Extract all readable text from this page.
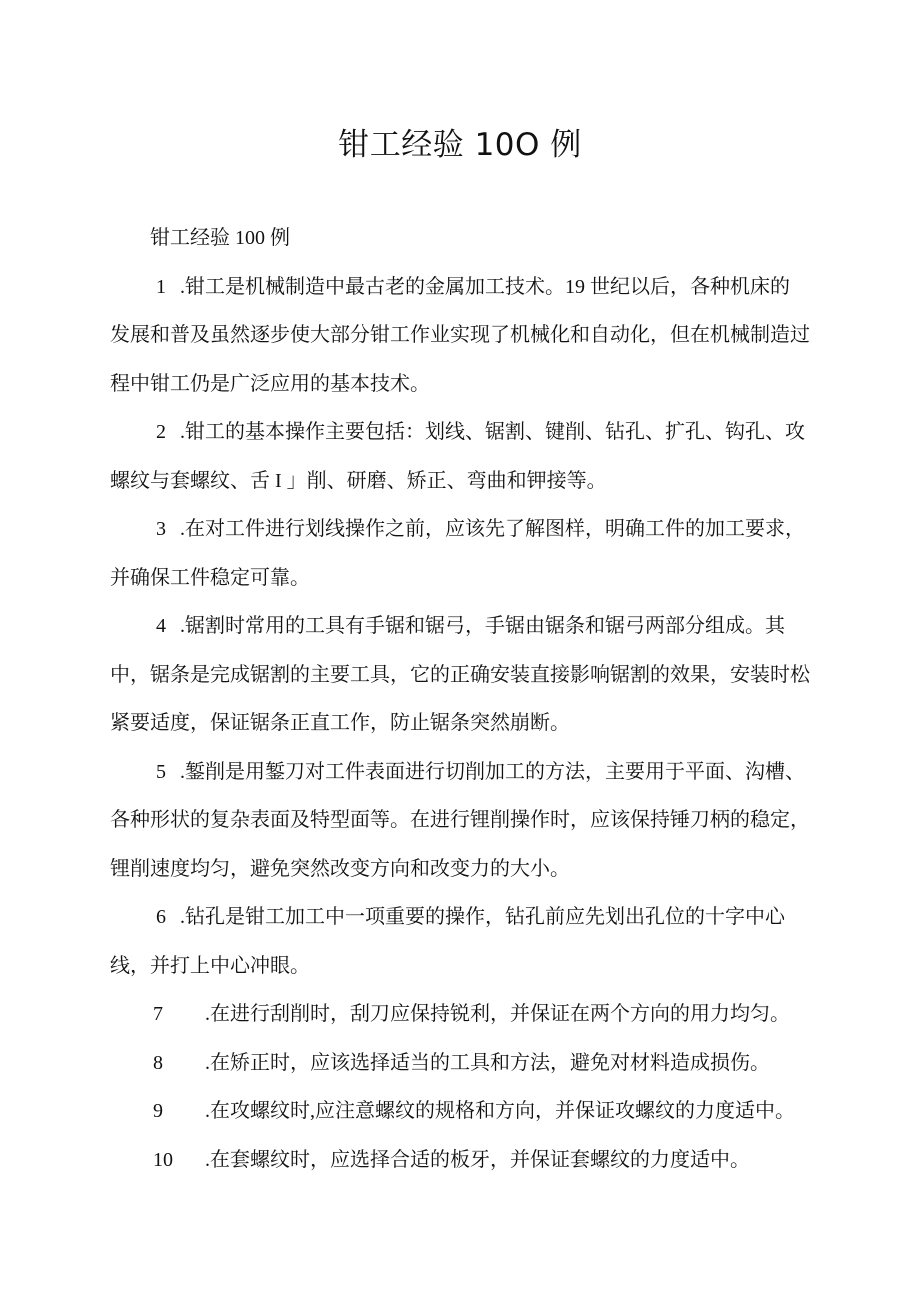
钳工经验 10O 例
钳工经验 100 例
1 .钳工是机械制造中最古老的金属加工技术。19 世纪以后，各种机床的
发展和普及虽然逐步使大部分钳工作业实现了机械化和自动化，但在机械制造过
程中钳工仍是广泛应用的基本技术。
2 .钳工的基本操作主要包括：划线、锯割、键削、钻孔、扩孔、钩孔、攻
螺纹与套螺纹、舌 I 」削、研磨、矫正、弯曲和钾接等。
3 .在对工件进行划线操作之前，应该先了解图样，明确工件的加工要求，
并确保工件稳定可靠。
4 .锯割时常用的工具有手锯和锯弓，手锯由锯条和锯弓两部分组成。其
中，锯条是完成锯割的主要工具，它的正确安装直接影响锯割的效果，安装时松
紧要适度，保证锯条正直工作，防止锯条突然崩断。
5 .錾削是用錾刀对工件表面进行切削加工的方法，主要用于平面、沟槽、
各种形状的复杂表面及特型面等。在进行锂削操作时，应该保持锤刀柄的稳定，
锂削速度均匀，避免突然改变方向和改变力的大小。
6 .钻孔是钳工加工中一项重要的操作，钻孔前应先划出孔位的十字中心
线，并打上中心冲眼。
7 .在进行刮削时，刮刀应保持锐利，并保证在两个方向的用力均匀。
8 .在矫正时，应该选择适当的工具和方法，避免对材料造成损伤。
9 .在攻螺纹时,应注意螺纹的规格和方向，并保证攻螺纹的力度适中。
10 .在套螺纹时，应选择合适的板牙，并保证套螺纹的力度适中。
